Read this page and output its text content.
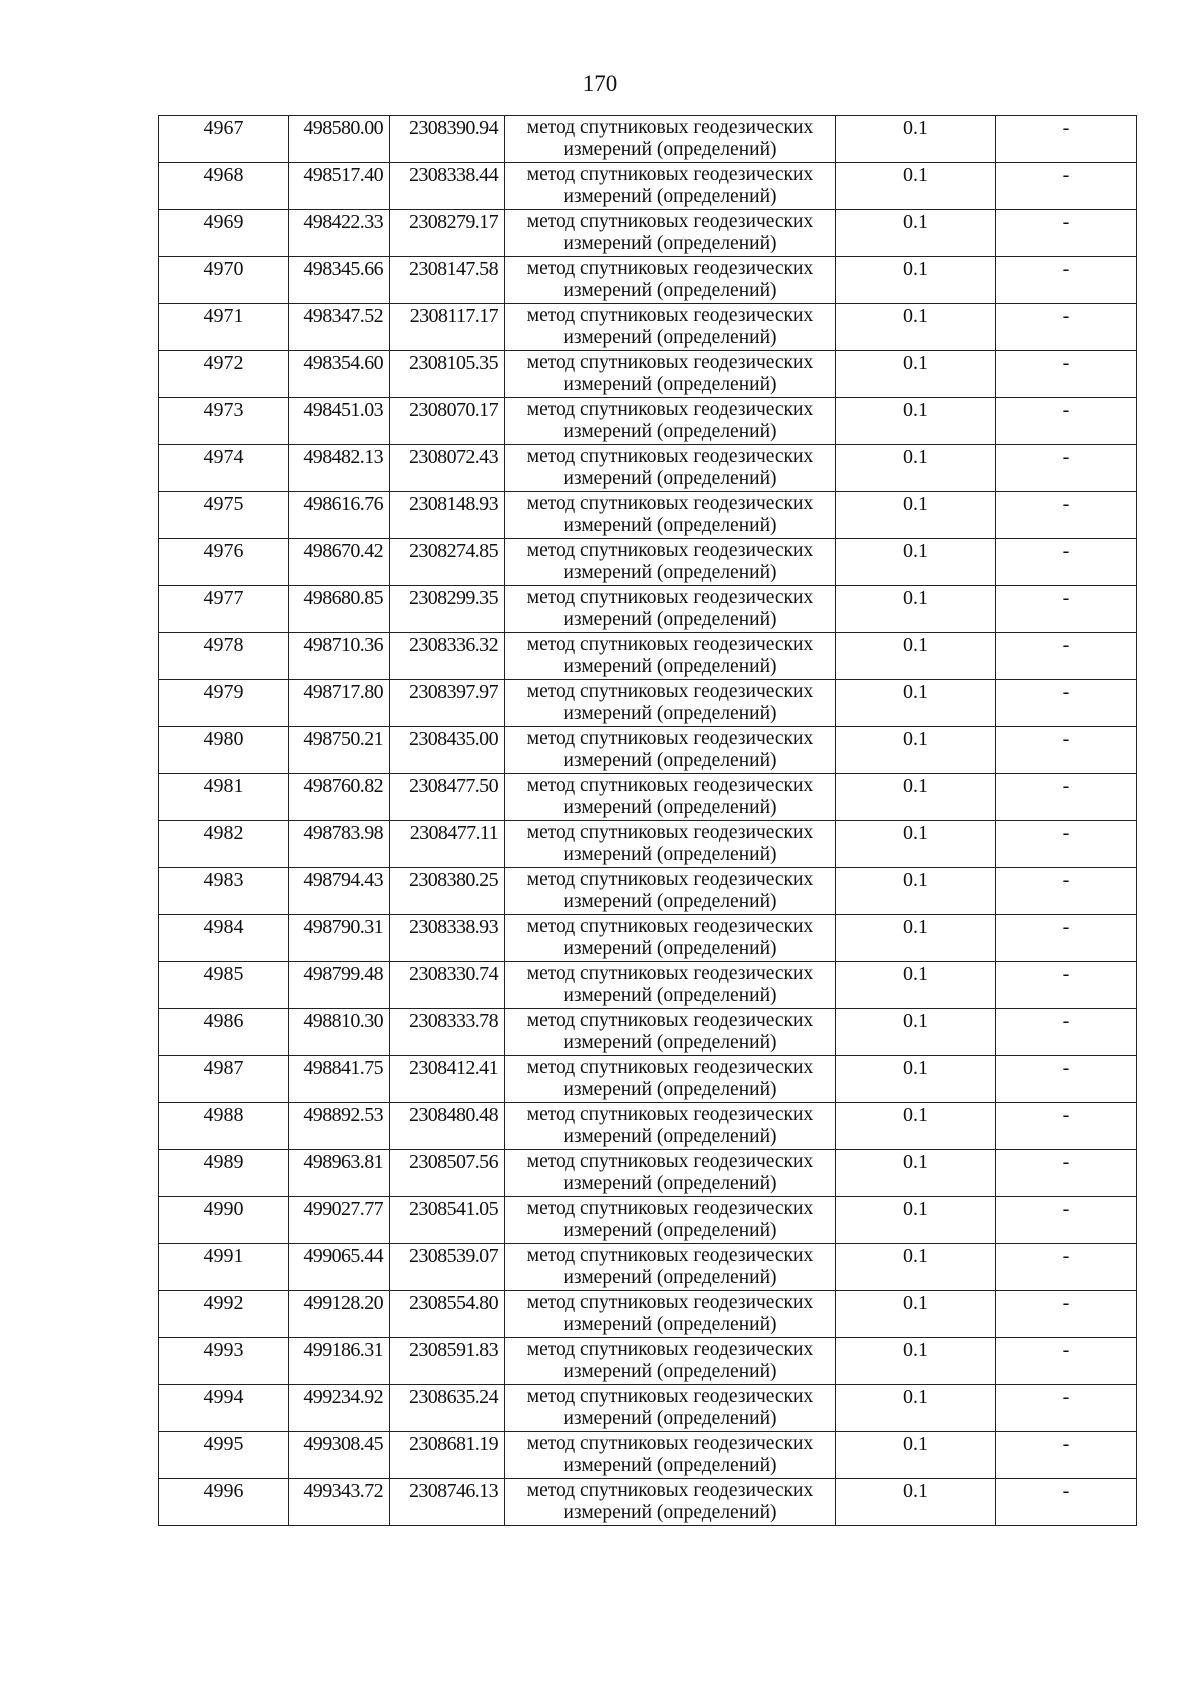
170
4967	498580.00	2308390.94	метод спутниковых геодезических
измерений (определений)	0.1	-
4968	498517.40	2308338.44	метод спутниковых геодезических
измерений (определений)	0.1	-
4969	498422.33	2308279.17	метод спутниковых геодезических
измерений (определений)	0.1	-
4970	498345.66	2308147.58	метод спутниковых геодезических
измерений (определений)	0.1	-
4971	498347.52	2308117.17	метод спутниковых геодезических
измерений (определений)	0.1	-
4972	498354.60	2308105.35	метод спутниковых геодезических
измерений (определений)	0.1	-
4973	498451.03	2308070.17	метод спутниковых геодезических
измерений (определений)	0.1	-
4974	498482.13	2308072.43	метод спутниковых геодезических
измерений (определений)	0.1	-
4975	498616.76	2308148.93	метод спутниковых геодезических
измерений (определений)	0.1	-
4976	498670.42	2308274.85	метод спутниковых геодезических
измерений (определений)	0.1	-
4977	498680.85	2308299.35	метод спутниковых геодезических
измерений (определений)	0.1	-
4978	498710.36	2308336.32	метод спутниковых геодезических
измерений (определений)	0.1	-
4979	498717.80	2308397.97	метод спутниковых геодезических
измерений (определений)	0.1	-
4980	498750.21	2308435.00	метод спутниковых геодезических
измерений (определений)	0.1	-
4981	498760.82	2308477.50	метод спутниковых геодезических
измерений (определений)	0.1	-
4982	498783.98	2308477.11	метод спутниковых геодезических
измерений (определений)	0.1	-
4983	498794.43	2308380.25	метод спутниковых геодезических
измерений (определений)	0.1	-
4984	498790.31	2308338.93	метод спутниковых геодезических
измерений (определений)	0.1	-
4985	498799.48	2308330.74	метод спутниковых геодезических
измерений (определений)	0.1	-
4986	498810.30	2308333.78	метод спутниковых геодезических
измерений (определений)	0.1	-
4987	498841.75	2308412.41	метод спутниковых геодезических
измерений (определений)	0.1	-
4988	498892.53	2308480.48	метод спутниковых геодезических
измерений (определений)	0.1	-
4989	498963.81	2308507.56	метод спутниковых геодезических
измерений (определений)	0.1	-
4990	499027.77	2308541.05	метод спутниковых геодезических
измерений (определений)	0.1	-
4991	499065.44	2308539.07	метод спутниковых геодезических
измерений (определений)	0.1	-
4992	499128.20	2308554.80	метод спутниковых геодезических
измерений (определений)	0.1	-
4993	499186.31	2308591.83	метод спутниковых геодезических
измерений (определений)	0.1	-
4994	499234.92	2308635.24	метод спутниковых геодезических
измерений (определений)	0.1	-
4995	499308.45	2308681.19	метод спутниковых геодезических
измерений (определений)	0.1	-
4996	499343.72	2308746.13	метод спутниковых геодезических
измерений (определений)	0.1	-
